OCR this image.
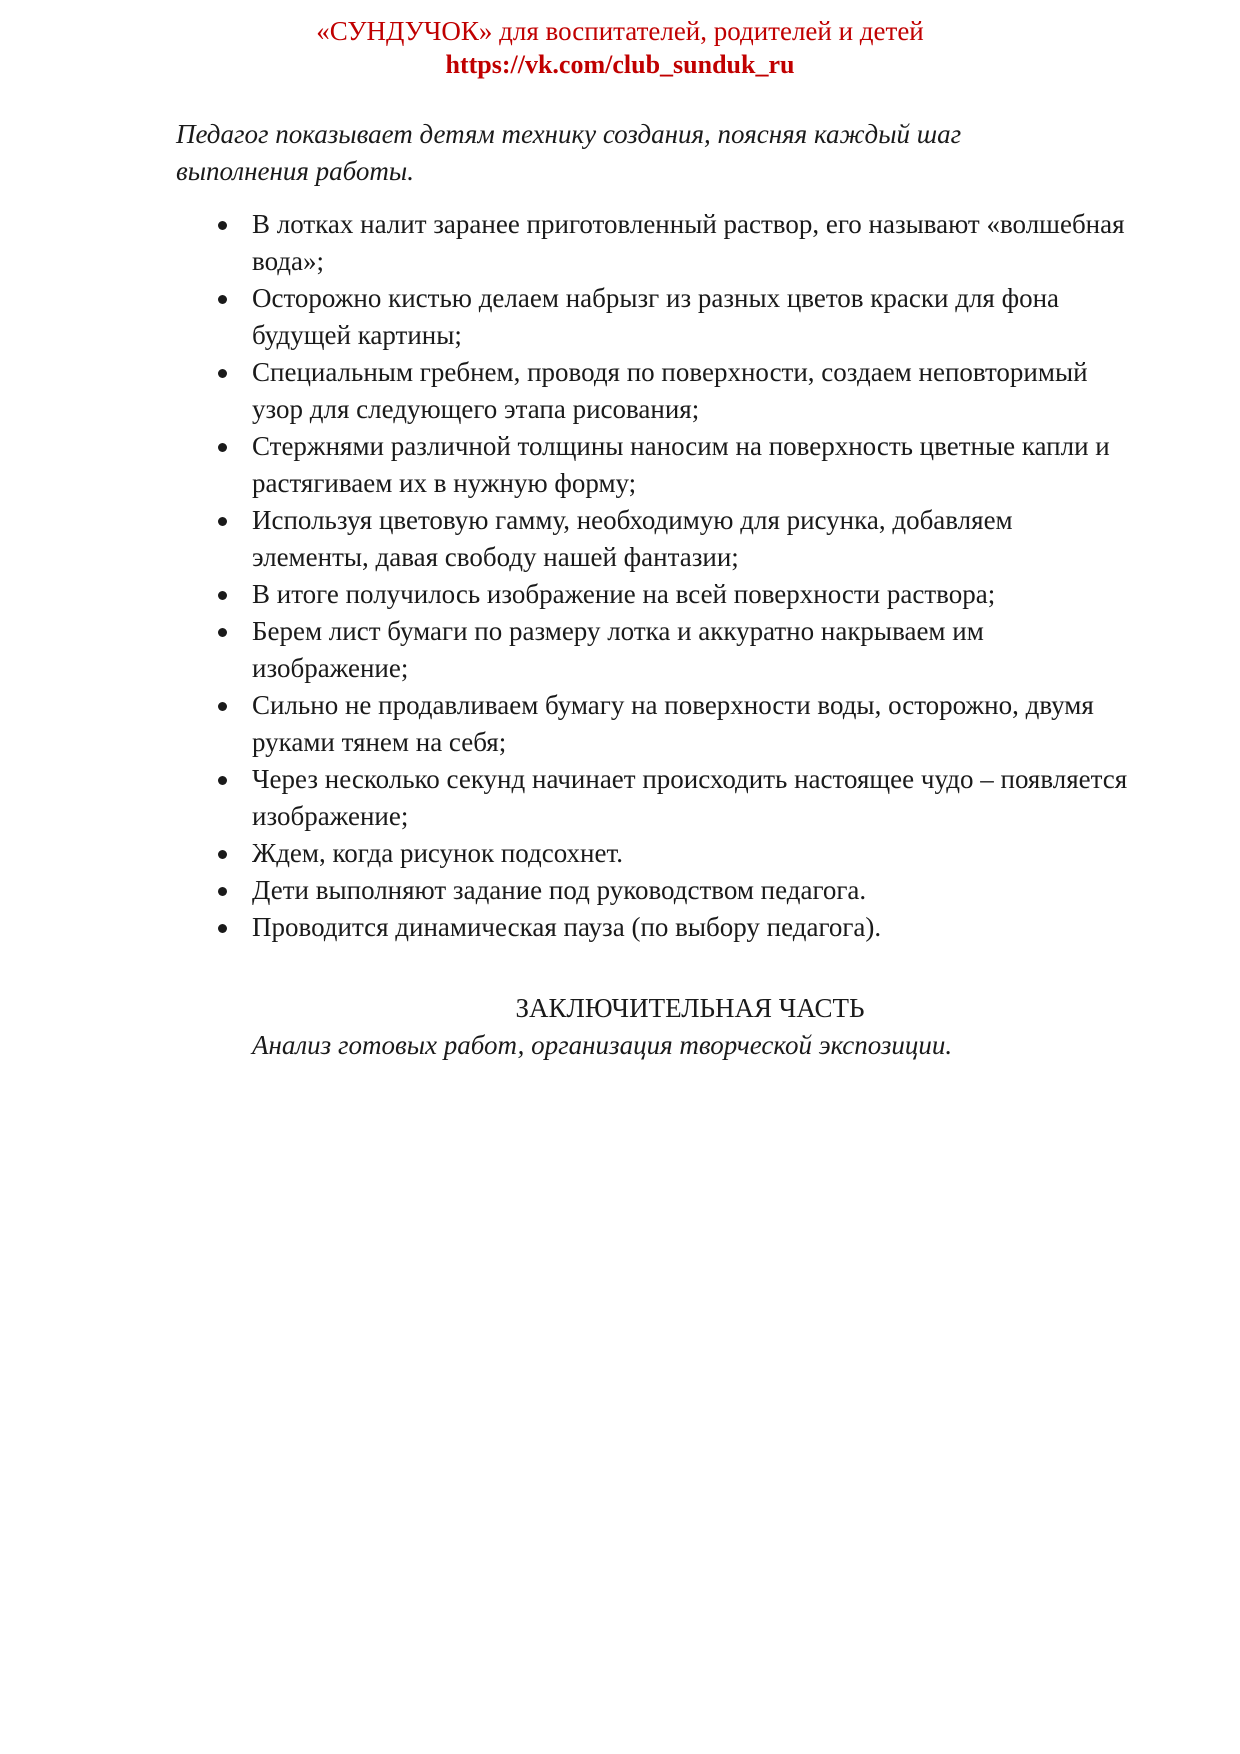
«СУНДУЧОК» для воспитателей, родителей и детей
https://vk.com/club_sunduk_ru
Педагог показывает детям технику создания, поясняя каждый шаг выполнения работы.
В лотках налит заранее приготовленный раствор, его называют «волшебная вода»;
Осторожно кистью делаем набрызг из разных цветов краски для фона будущей картины;
Специальным гребнем, проводя по поверхности, создаем неповторимый узор для следующего этапа рисования;
Стержнями различной толщины наносим на поверхность цветные капли и растягиваем их в нужную форму;
Используя цветовую гамму, необходимую для рисунка, добавляем элементы, давая свободу нашей фантазии;
В итоге получилось изображение на всей поверхности раствора;
Берем лист бумаги по размеру лотка и аккуратно накрываем им изображение;
Сильно не продавливаем бумагу на поверхности воды, осторожно, двумя руками тянем на себя;
Через несколько секунд начинает происходить настоящее чудо – появляется изображение;
Ждем, когда рисунок подсохнет.
Дети выполняют задание под руководством педагога.
Проводится динамическая пауза (по выбору педагога).
ЗАКЛЮЧИТЕЛЬНАЯ ЧАСТЬ
Анализ готовых работ, организация творческой экспозиции.
